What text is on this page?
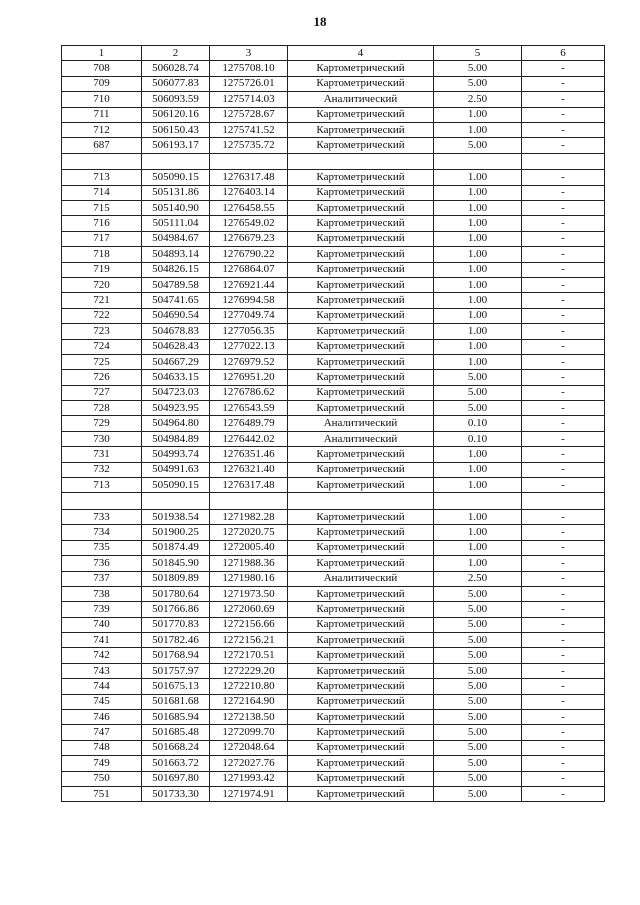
18
1	2	3	4	5	6
708	506028.74	1275708.10	Картометрический	5.00	-
709	506077.83	1275726.01	Картометрический	5.00	-
710	506093.59	1275714.03	Аналитический	2.50	-
711	506120.16	1275728.67	Картометрический	1.00	-
712	506150.43	1275741.52	Картометрический	1.00	-
687	506193.17	1275735.72	Картометрический	5.00	-

713	505090.15	1276317.48	Картометрический	1.00	-
714	505131.86	1276403.14	Картометрический	1.00	-
715	505140.90	1276458.55	Картометрический	1.00	-
716	505111.04	1276549.02	Картометрический	1.00	-
717	504984.67	1276679.23	Картометрический	1.00	-
718	504893.14	1276790.22	Картометрический	1.00	-
719	504826.15	1276864.07	Картометрический	1.00	-
720	504789.58	1276921.44	Картометрический	1.00	-
721	504741.65	1276994.58	Картометрический	1.00	-
722	504690.54	1277049.74	Картометрический	1.00	-
723	504678.83	1277056.35	Картометрический	1.00	-
724	504628.43	1277022.13	Картометрический	1.00	-
725	504667.29	1276979.52	Картометрический	1.00	-
726	504633.15	1276951.20	Картометрический	5.00	-
727	504723.03	1276786.62	Картометрический	5.00	-
728	504923.95	1276543.59	Картометрический	5.00	-
729	504964.80	1276489.79	Аналитический	0.10	-
730	504984.89	1276442.02	Аналитический	0.10	-
731	504993.74	1276351.46	Картометрический	1.00	-
732	504991.63	1276321.40	Картометрический	1.00	-
713	505090.15	1276317.48	Картометрический	1.00	-

733	501938.54	1271982.28	Картометрический	1.00	-
734	501900.25	1272020.75	Картометрический	1.00	-
735	501874.49	1272005.40	Картометрический	1.00	-
736	501845.90	1271988.36	Картометрический	1.00	-
737	501809.89	1271980.16	Аналитический	2.50	-
738	501780.64	1271973.50	Картометрический	5.00	-
739	501766.86	1272060.69	Картометрический	5.00	-
740	501770.83	1272156.66	Картометрический	5.00	-
741	501782.46	1272156.21	Картометрический	5.00	-
742	501768.94	1272170.51	Картометрический	5.00	-
743	501757.97	1272229.20	Картометрический	5.00	-
744	501675.13	1272210.80	Картометрический	5.00	-
745	501681.68	1272164.90	Картометрический	5.00	-
746	501685.94	1272138.50	Картометрический	5.00	-
747	501685.48	1272099.70	Картометрический	5.00	-
748	501668.24	1272048.64	Картометрический	5.00	-
749	501663.72	1272027.76	Картометрический	5.00	-
750	501697.80	1271993.42	Картометрический	5.00	-
751	501733.30	1271974.91	Картометрический	5.00	-
